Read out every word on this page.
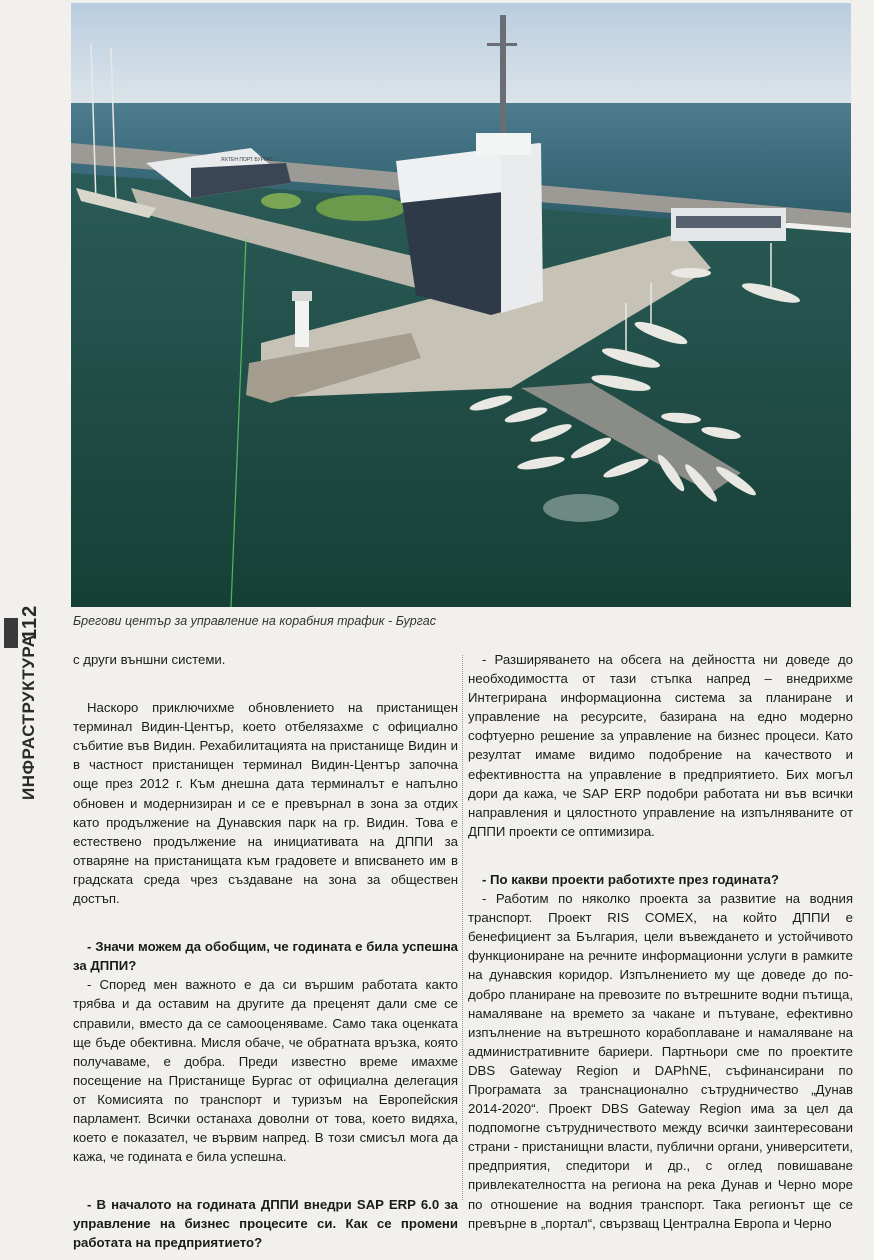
112
ИНФРАСТРУКТУРА
ЯХТЕН ПОРТ БУРГАС
Брегови център за управление на корабния трафик - Бургас

с други външни системи.

Наскоро приключихме обновлението на пристанищен терминал Видин-Център, което отбелязахме с официално събитие във Видин. Рехабилитацията на пристанище Видин и в частност пристанищен терминал Видин-Център започна още през 2012 г. Към днешна дата терминалът е напълно обновен и модернизиран и се е превърнал в зона за отдих като продължение на Дунавския парк на гр. Видин. Това е естествено продължение на инициативата на ДППИ за отваряне на пристанищата към градовете и вписването им в градската среда чрез създаване на зона за обществен достъп.

- Значи можем да обобщим, че годината е била успешна за ДППИ?

- Според мен важното е да си вършим работата както трябва и да оставим на другите да преценят дали сме се справили, вместо да се самооценяваме. Само така оценката ще бъде обективна. Мисля обаче, че обратната връзка, която получаваме, е добра. Преди известно време имахме посещение на Пристанище Бургас от официална делегация от Комисията по транспорт и туризъм на Европейския парламент. Всички останаха доволни от това, което видяха, което е показател, че вървим напред. В този смисъл мога да кажа, че годината е била успешна.

- В началото на годината ДППИ внедри SAP ERP 6.0 за управление на бизнес процесите си. Как се промени работата на предприятието?

- Разширяването на обсега на дейността ни доведе до необходимостта от тази стъпка напред – внедрихме Интегрирана информационна система за планиране и управление на ресурсите, базирана на едно модерно софтуерно решение за управление на бизнес процеси. Като резултат имаме видимо подобрение на качеството и ефективността на управление в предприятието. Бих могъл дори да кажа, че SAP ERP подобри работата ни във всички направления и цялостното управление на изпълняваните от ДППИ проекти се оптимизира.

- По какви проекти работихте през годината?

- Работим по няколко проекта за развитие на водния транспорт. Проект RIS COMEX, на който ДППИ е бенефициент за България, цели въвеждането и устойчивото функциониране на речните информационни услуги в рамките на дунавския коридор. Изпълнението му ще доведе до по-добро планиране на превозите по вътрешните водни пътища, намаляване на времето за чакане и пътуване, ефективно изпълнение на вътрешното корабоплаване и намаляване на административните бариери. Партньори сме по проектите DBS Gateway Region и DAPhNE, съфинансирани по Програмата за транснационално сътрудничество „Дунав 2014-2020“. Проект DBS Gateway Region има за цел да подпомогне сътрудничеството между всички заинтересовани страни - пристанищни власти, публични органи, университети, предприятия, спедитори и др., с оглед повишаване привлекателността на региона на река Дунав и Черно море по отношение на водния транспорт. Така регионът ще се превърне в „портал“, свързващ Централна Европа и Черно
